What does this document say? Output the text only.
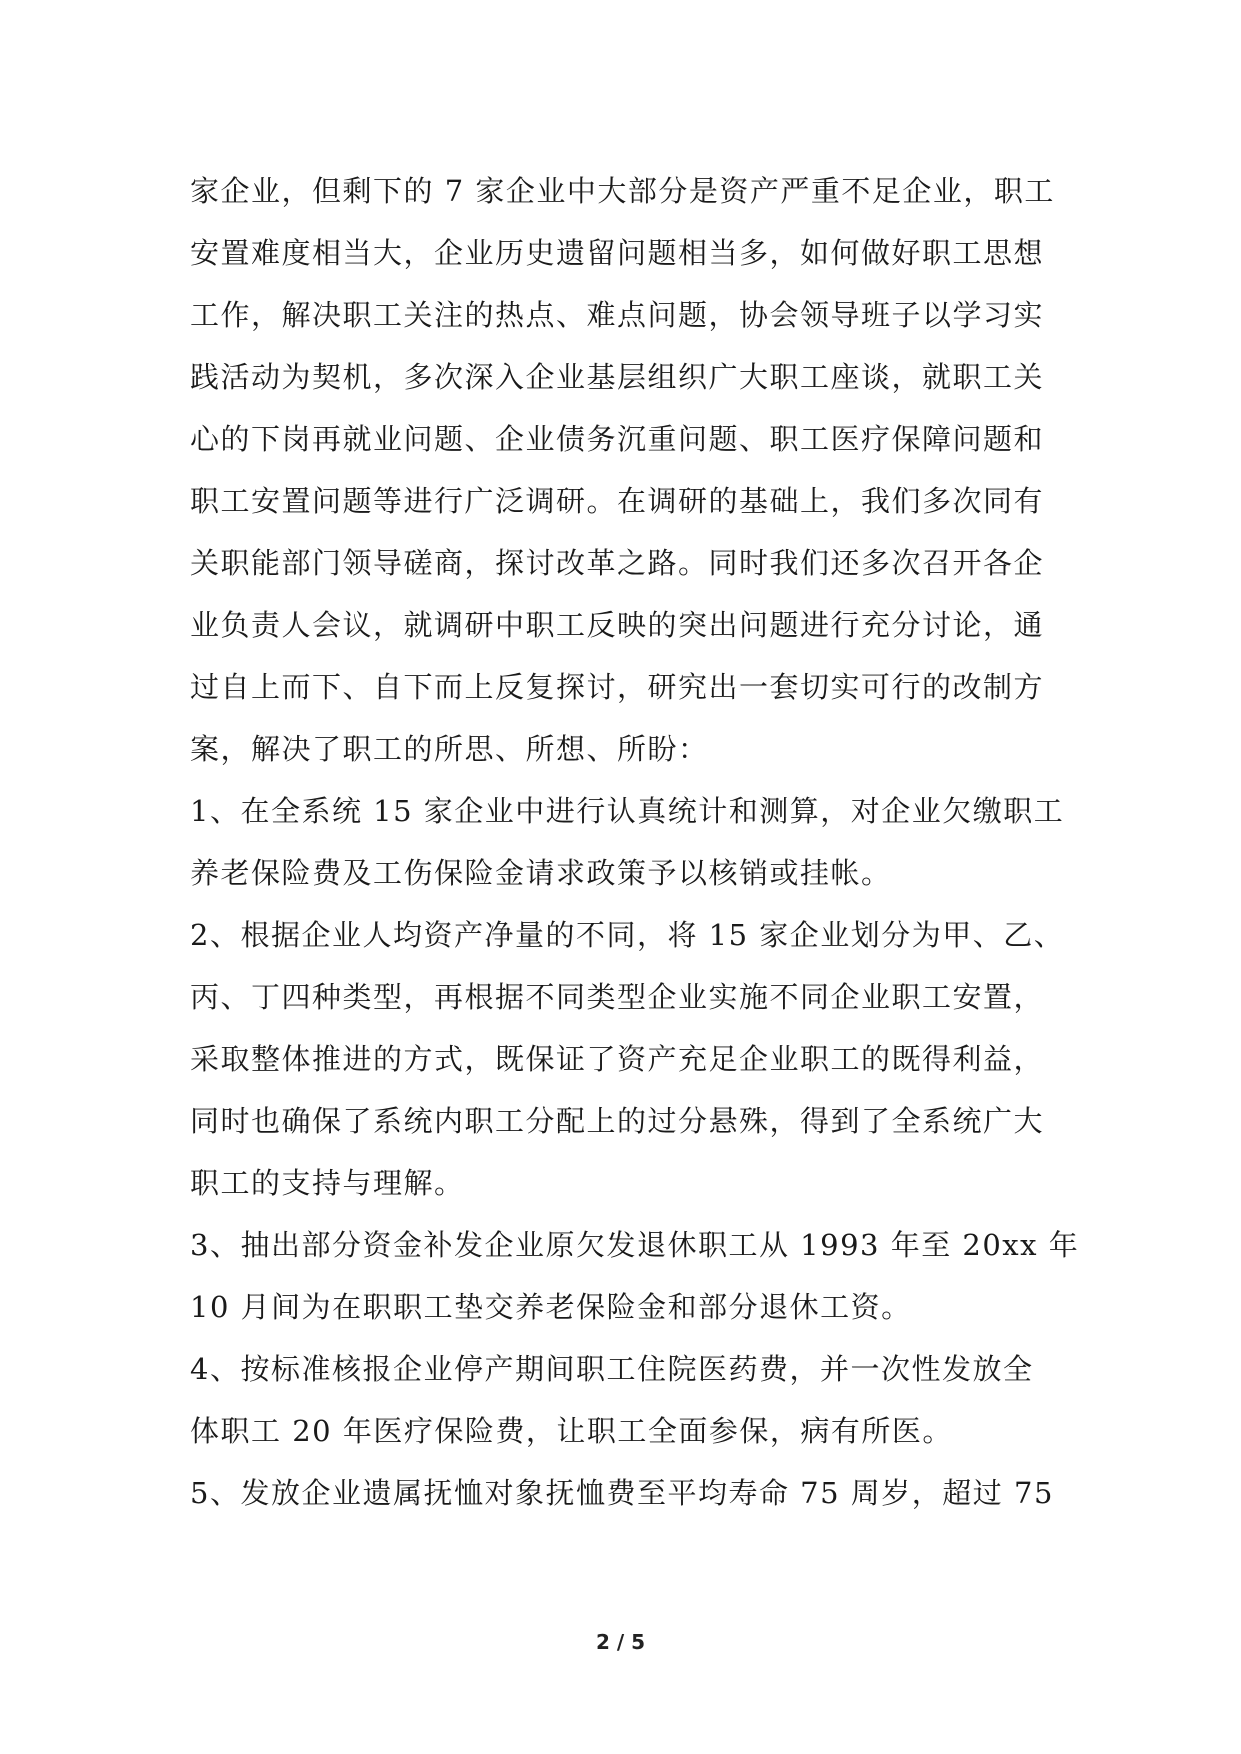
家企业，但剩下的 7 家企业中大部分是资产严重不足企业，职工
安置难度相当大，企业历史遗留问题相当多，如何做好职工思想
工作，解决职工关注的热点、难点问题，协会领导班子以学习实
践活动为契机，多次深入企业基层组织广大职工座谈，就职工关
心的下岗再就业问题、企业债务沉重问题、职工医疗保障问题和
职工安置问题等进行广泛调研。在调研的基础上，我们多次同有
关职能部门领导磋商，探讨改革之路。同时我们还多次召开各企
业负责人会议，就调研中职工反映的突出问题进行充分讨论，通
过自上而下、自下而上反复探讨，研究出一套切实可行的改制方
案，解决了职工的所思、所想、所盼：
1、在全系统 15 家企业中进行认真统计和测算，对企业欠缴职工
养老保险费及工伤保险金请求政策予以核销或挂帐。
2、根据企业人均资产净量的不同，将 15 家企业划分为甲、乙、
丙、丁四种类型，再根据不同类型企业实施不同企业职工安置，
采取整体推进的方式，既保证了资产充足企业职工的既得利益，
同时也确保了系统内职工分配上的过分悬殊，得到了全系统广大
职工的支持与理解。
3、抽出部分资金补发企业原欠发退休职工从 1993 年至 20xx 年
10 月间为在职职工垫交养老保险金和部分退休工资。
4、按标准核报企业停产期间职工住院医药费，并一次性发放全
体职工 20 年医疗保险费，让职工全面参保，病有所医。
5、发放企业遗属抚恤对象抚恤费至平均寿命 75 周岁，超过 75
2 / 5
